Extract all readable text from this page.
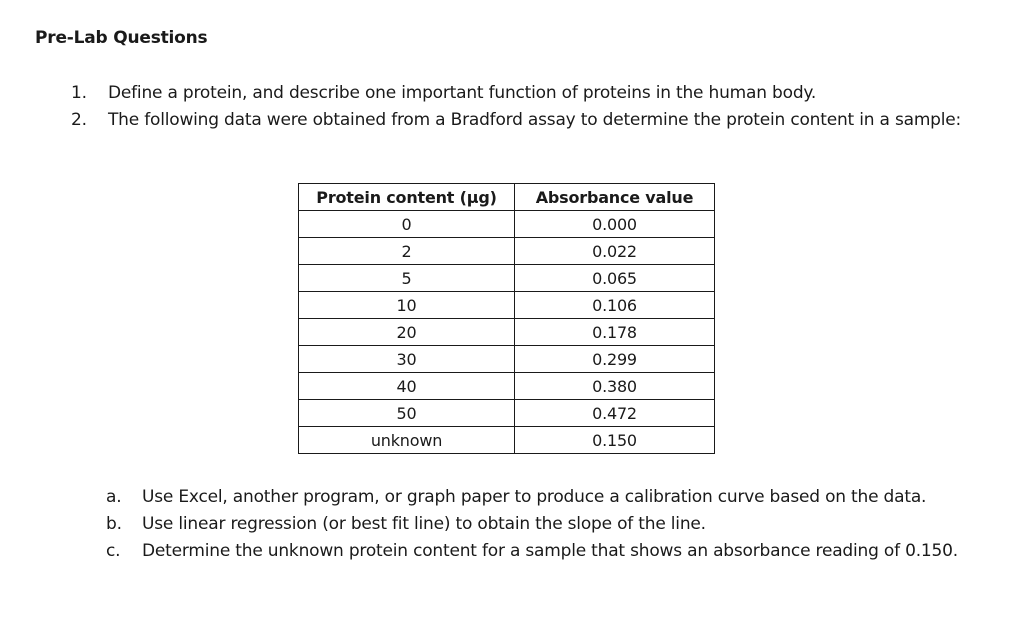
Pre-Lab Questions
1. Define a protein, and describe one important function of proteins in the human body.
2. The following data were obtained from a Bradford assay to determine the protein content in a sample:
Protein content (µg)	Absorbance value
0	0.000
2	0.022
5	0.065
10	0.106
20	0.178
30	0.299
40	0.380
50	0.472
unknown	0.150
a. Use Excel, another program, or graph paper to produce a calibration curve based on the data.
b. Use linear regression (or best fit line) to obtain the slope of the line.
c. Determine the unknown protein content for a sample that shows an absorbance reading of 0.150.
